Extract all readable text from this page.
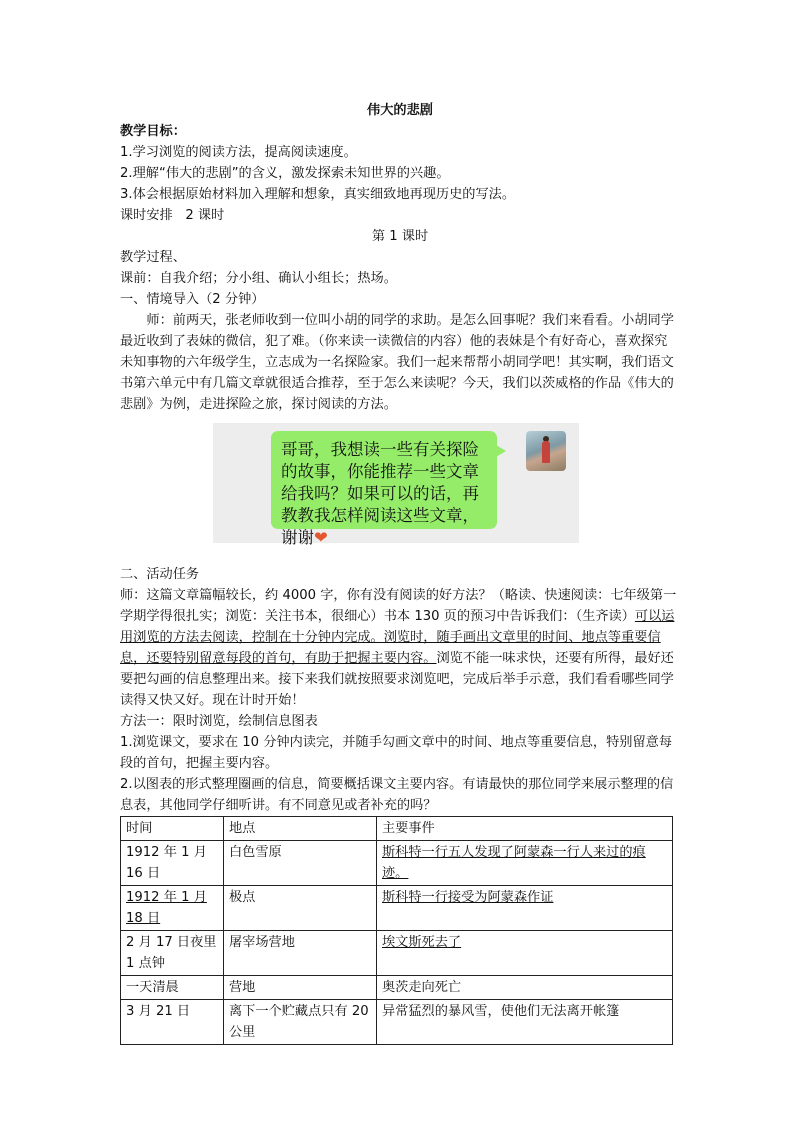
伟大的悲剧

教学目标：

1.学习浏览的阅读方法，提高阅读速度。

2.理解“伟大的悲剧”的含义，激发探索未知世界的兴趣。

3.体会根据原始材料加入理解和想象，真实细致地再现历史的写法。

课时安排   2 课时

第 1 课时

教学过程、

课前：自我介绍；分小组、确认小组长；热场。

一、情境导入（2 分钟）

师：前两天，张老师收到一位叫小胡的同学的求助。是怎么回事呢？我们来看看。小胡同学最近收到了表妹的微信，犯了难。（你来读一读微信的内容）他的表妹是个有好奇心，喜欢探究未知事物的六年级学生，立志成为一名探险家。我们一起来帮帮小胡同学吧！其实啊，我们语文书第六单元中有几篇文章就很适合推荐，至于怎么来读呢？今天，我们以茨威格的作品《伟大的悲剧》为例，走进探险之旅，探讨阅读的方法。

哥哥，我想读一些有关探险的故事，你能推荐一些文章给我吗？如果可以的话，再教教我怎样阅读这些文章，谢谢❤

二、活动任务

师：这篇文章篇幅较长，约 4000 字，你有没有阅读的好方法？（略读、快速阅读：七年级第一学期学得很扎实；浏览：关注书本，很细心）书本 130 页的预习中告诉我们：（生齐读）可以运用浏览的方法去阅读，控制在十分钟内完成。浏览时，随手画出文章里的时间、地点等重要信息，还要特别留意每段的首句，有助于把握主要内容。浏览不能一味求快，还要有所得，最好还要把勾画的信息整理出来。接下来我们就按照要求浏览吧，完成后举手示意，我们看看哪些同学读得又快又好。现在计时开始！

方法一：限时浏览，绘制信息图表

1.浏览课文，要求在 10 分钟内读完，并随手勾画文章中的时间、地点等重要信息，特别留意每段的首句，把握主要内容。

2.以图表的形式整理圈画的信息，简要概括课文主要内容。有请最快的那位同学来展示整理的信息表，其他同学仔细听讲。有不同意见或者补充的吗？

时间	地点	主要事件
1912 年 1 月 16 日	白色雪原	斯科特一行五人发现了阿蒙森一行人来过的痕迹。
1912 年 1 月 18 日	极点	斯科特一行接受为阿蒙森作证
2 月 17 日夜里 1 点钟	屠宰场营地	埃文斯死去了
一天清晨	营地	奥茨走向死亡
3 月 21 日	离下一个贮藏点只有 20 公里	异常猛烈的暴风雪，使他们无法离开帐篷
